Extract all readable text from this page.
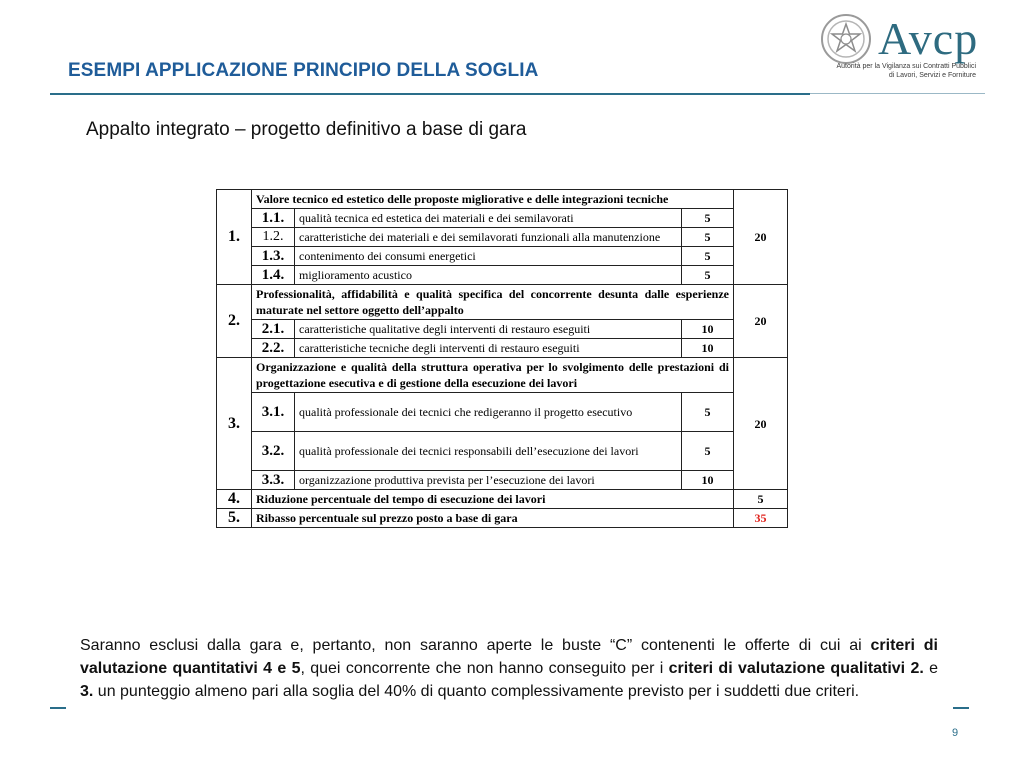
ESEMPI APPLICAZIONE PRINCIPIO DELLA SOGLIA
Avcp
Autorità per la Vigilanza sui Contratti Pubblici
di Lavori, Servizi e Forniture
Appalto integrato – progetto definitivo a base di gara
1.	Valore tecnico ed estetico delle proposte migliorative e delle integrazioni tecniche			20
	1.1.	qualità tecnica ed estetica dei materiali e dei semilavorati	5	
	1.2.	caratteristiche dei materiali e dei semilavorati funzionali alla manutenzione	5	
	1.3.	contenimento dei consumi energetici	5	
	1.4.	miglioramento acustico	5	
2.	Professionalità, affidabilità e qualità specifica del concorrente desunta dalle esperienze maturate nel settore oggetto dell’appalto			20
	2.1.	caratteristiche qualitative degli interventi di restauro eseguiti	10	
	2.2.	caratteristiche tecniche degli interventi di restauro eseguiti	10	
3.	Organizzazione e qualità della struttura operativa per lo svolgimento delle prestazioni di progettazione esecutiva e di gestione della esecuzione dei lavori			20
	3.1.	qualità professionale dei tecnici che redigeranno il progetto esecutivo	5	
	3.2.	qualità professionale dei tecnici responsabili dell’esecuzione dei lavori	5	
	3.3.	organizzazione produttiva prevista per l’esecuzione dei lavori	10	
4.	Riduzione percentuale del tempo di esecuzione dei lavori			5
5.	Ribasso percentuale sul prezzo posto a base di gara			35
Saranno esclusi dalla gara e, pertanto, non saranno aperte le buste “C” contenenti le offerte di cui ai criteri di valutazione quantitativi 4 e 5, quei concorrente che non hanno conseguito per i criteri di valutazione qualitativi 2. e 3. un punteggio almeno pari alla soglia del 40% di quanto complessivamente previsto per i suddetti due criteri.
9
